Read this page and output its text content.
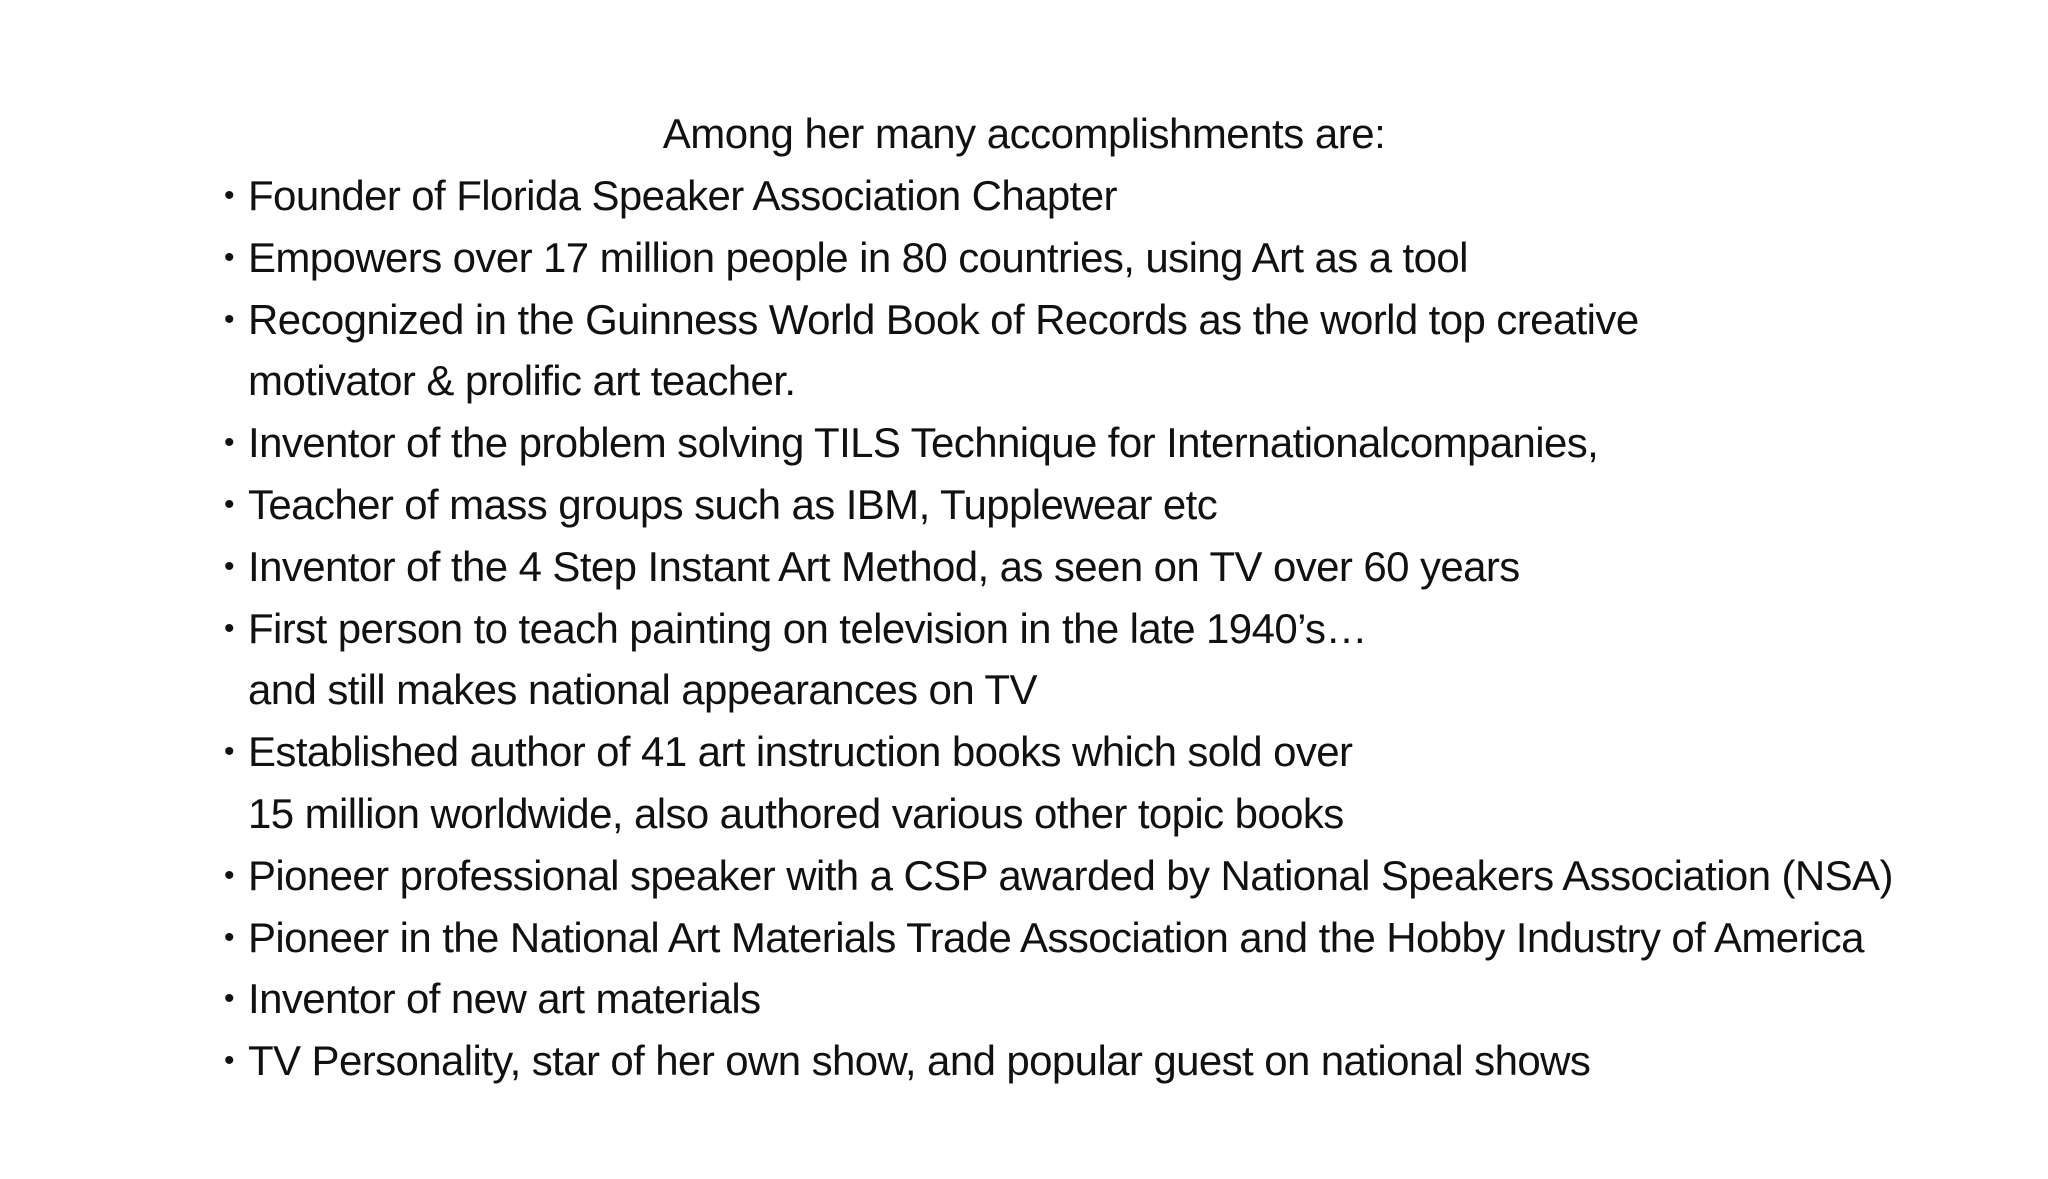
Among her many accomplishments are:
• Founder of Florida Speaker Association Chapter
• Empowers over 17 million people in 80 countries, using Art as a tool
• Recognized in the Guinness World Book of Records as the world top creative
motivator & prolific art teacher.
• Inventor of the problem solving TILS Technique for Internationalcompanies,
• Teacher of mass groups such as IBM, Tupplewear etc
• Inventor of the 4 Step Instant Art Method, as seen on TV over 60 years
• First person to teach painting on television in the late 1940’s…
and still makes national appearances on TV
• Established author of 41 art instruction books which sold over
15 million worldwide, also authored various other topic books
• Pioneer professional speaker with a CSP awarded by National Speakers Association (NSA)
• Pioneer in the National Art Materials Trade Association and the Hobby Industry of America
• Inventor of new art materials
• TV Personality, star of her own show, and popular guest on national shows
